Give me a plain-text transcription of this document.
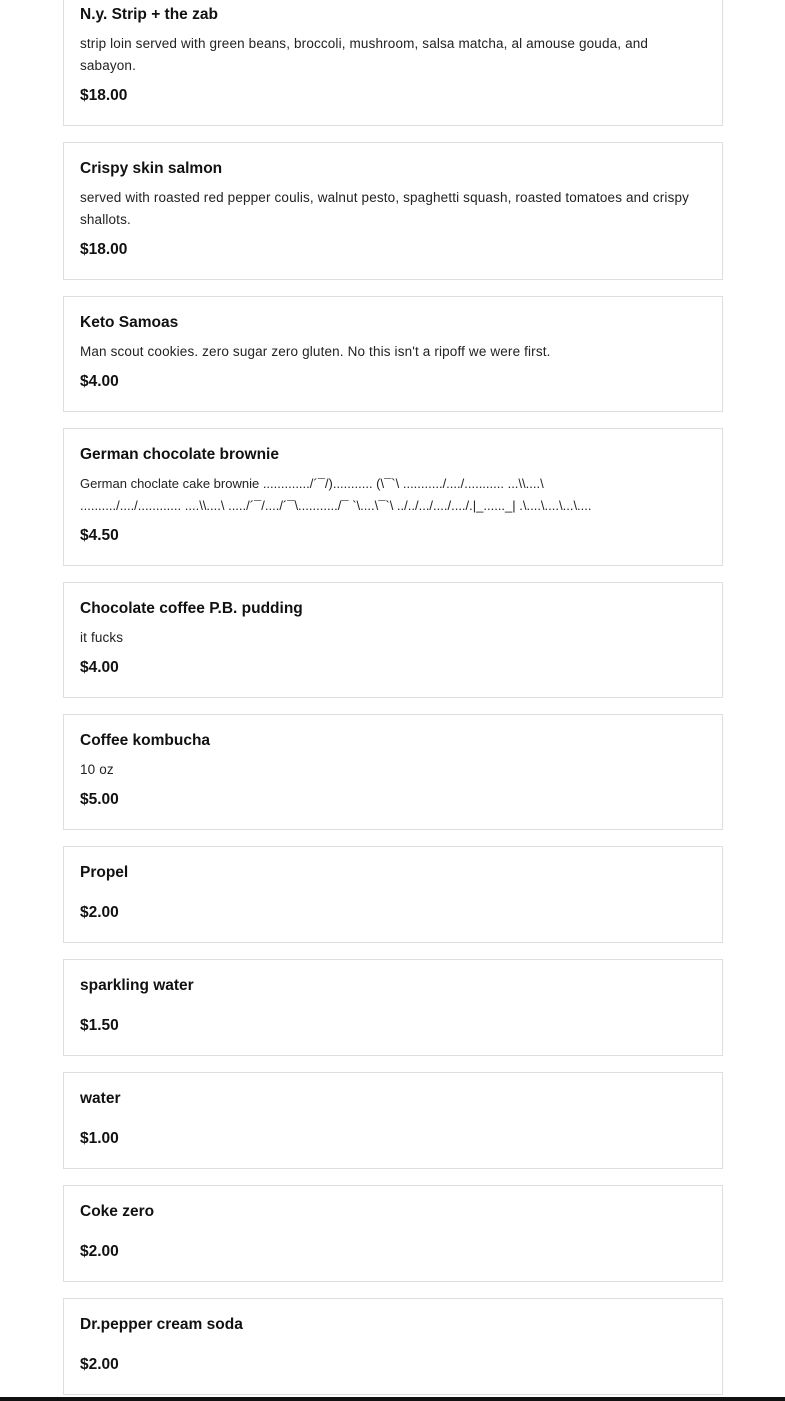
N.y. Strip + the zab
strip loin served with green beans, broccoli, mushroom, salsa matcha, al amouse gouda, and sabayon.
$18.00
Crispy skin salmon
served with roasted red pepper coulis, walnut pesto, spaghetti squash, roasted tomatoes and crispy shallots.
$18.00
Keto Samoas
Man scout cookies. zero sugar zero gluten. No this isn't a ripoff we were first.
$4.00
German chocolate brownie
German choclate cake brownie ............./´¯/)........... (\¯`\ .........../..../........... ...\\....\
........../..../............ ....\\....\ ...../´¯/..../´¯\.........../¯ `\....\¯`\ ../../.../..../..../.|_......_| .\....\....\...\....
$4.50
Chocolate coffee P.B. pudding
it fucks
$4.00
Coffee kombucha
10 oz
$5.00
Propel
$2.00
sparkling water
$1.50
water
$1.00
Coke zero
$2.00
Dr.pepper cream soda
$2.00
